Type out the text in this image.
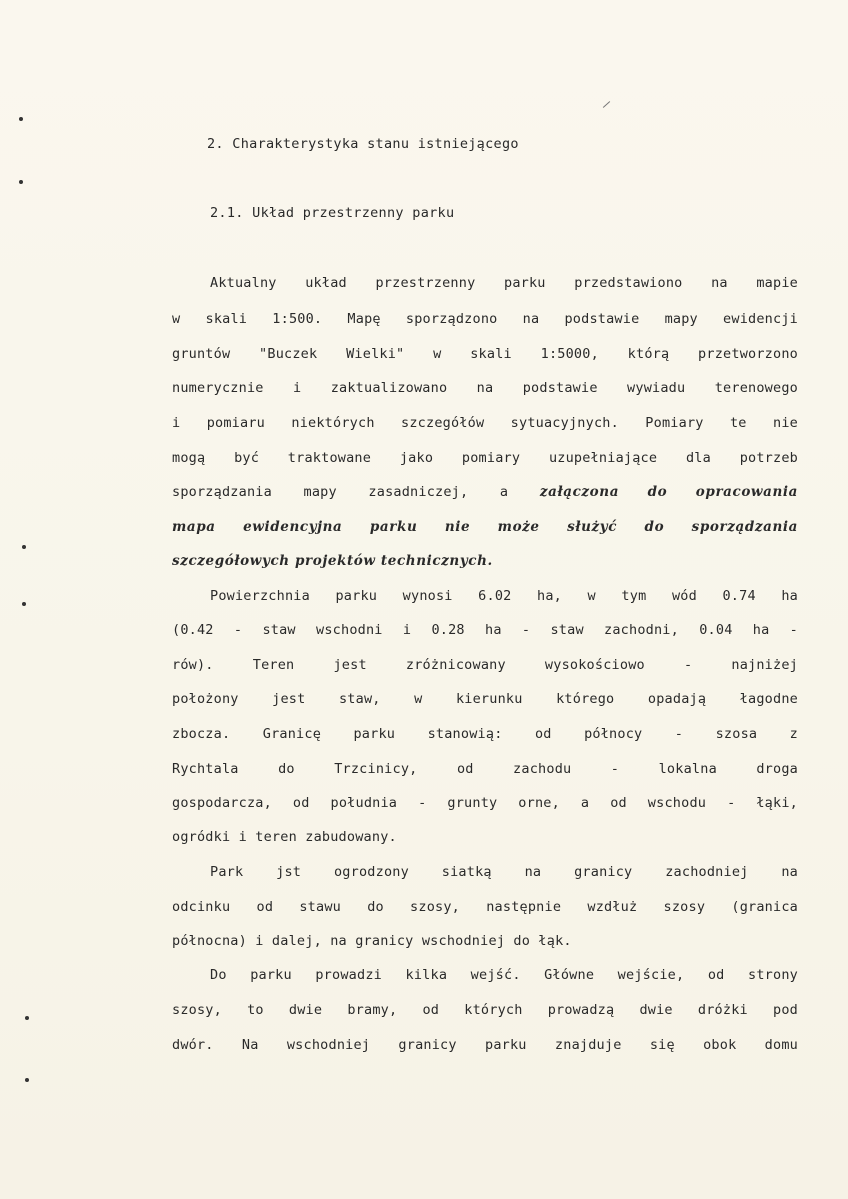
2. Charakterystyka stanu istniejącego
2.1. Układ przestrzenny parku
Aktualny układ przestrzenny parku przedstawiono na mapie
w skali 1:500. Mapę sporządzono na podstawie mapy ewidencji
gruntów "Buczek Wielki" w skali 1:5000, którą przetworzono
numerycznie i zaktualizowano na podstawie wywiadu terenowego
i pomiaru niektórych szczegółów sytuacyjnych. Pomiary te nie
mogą być traktowane jako pomiary uzupełniające dla potrzeb
sporządzania mapy zasadniczej, a załączona do opracowania
mapa ewidencyjna parku nie może służyć do sporządzania
szczegółowych projektów technicznych.
Powierzchnia parku wynosi 6.02 ha, w tym wód 0.74 ha
(0.42 - staw wschodni i 0.28 ha - staw zachodni, 0.04 ha -
rów). Teren jest zróżnicowany wysokościowo - najniżej
położony jest staw, w kierunku którego opadają łagodne
zbocza. Granicę parku stanowią: od północy - szosa z
Rychtala do Trzcinicy, od zachodu - lokalna droga
gospodarcza, od południa - grunty orne, a od wschodu - łąki,
ogródki i teren zabudowany.
Park jst ogrodzony siatką na granicy zachodniej na
odcinku od stawu do szosy, następnie wzdłuż szosy (granica
północna) i dalej, na granicy wschodniej do łąk.
Do parku prowadzi kilka wejść. Główne wejście, od strony
szosy, to dwie bramy, od których prowadzą dwie dróżki pod
dwór. Na wschodniej granicy parku znajduje się obok domu
